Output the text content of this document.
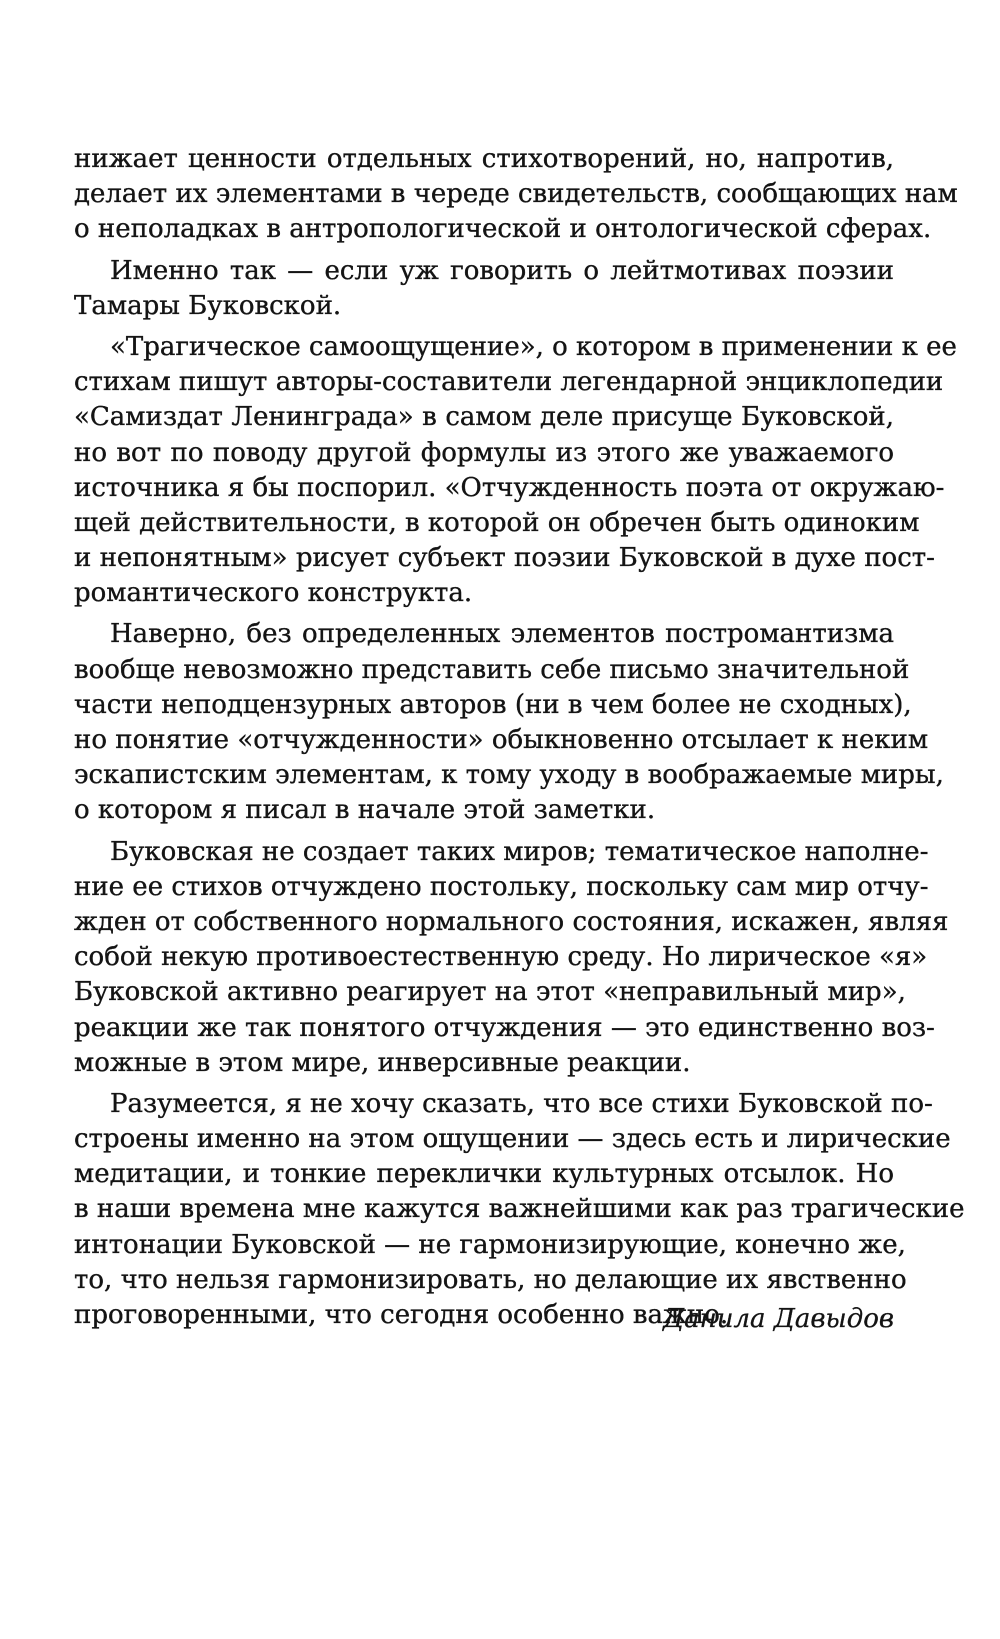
нижает ценности отдельных стихотворений, но, напротив,
делает их элементами в череде свидетельств, сообщающих нам
о неполадках в антропологической и онтологической сферах.
Именно так — если уж говорить о лейтмотивах поэзии
Тамары Буковской.
«Трагическое самоощущение», о котором в применении к ее
стихам пишут авторы-составители легендарной энциклопедии
«Самиздат Ленинграда» в самом деле присуще Буковской,
но вот по поводу другой формулы из этого же уважаемого
источника я бы поспорил. «Отчужденность поэта от окружаю-
щей действительности, в которой он обречен быть одиноким
и непонятным» рисует субъект поэзии Буковской в духе пост-
романтического конструкта.
Наверно, без определенных элементов постромантизма
вообще невозможно представить себе письмо значительной
части неподцензурных авторов (ни в чем более не сходных),
но понятие «отчужденности» обыкновенно отсылает к неким
эскапистским элементам, к тому уходу в воображаемые миры,
о котором я писал в начале этой заметки.
Буковская не создает таких миров; тематическое наполне-
ние ее стихов отчуждено постольку, поскольку сам мир отчу-
жден от собственного нормального состояния, искажен, являя
собой некую противоестественную среду. Но лирическое «я»
Буковской активно реагирует на этот «неправильный мир»,
реакции же так понятого отчуждения — это единственно воз-
можные в этом мире, инверсивные реакции.
Разумеется, я не хочу сказать, что все стихи Буковской по-
строены именно на этом ощущении — здесь есть и лирические
медитации, и тонкие переклички культурных отсылок. Но
в наши времена мне кажутся важнейшими как раз трагические
интонации Буковской — не гармонизирующие, конечно же,
то, что нельзя гармонизировать, но делающие их явственно
проговоренными, что сегодня особенно важно.
Данила Давыдов
